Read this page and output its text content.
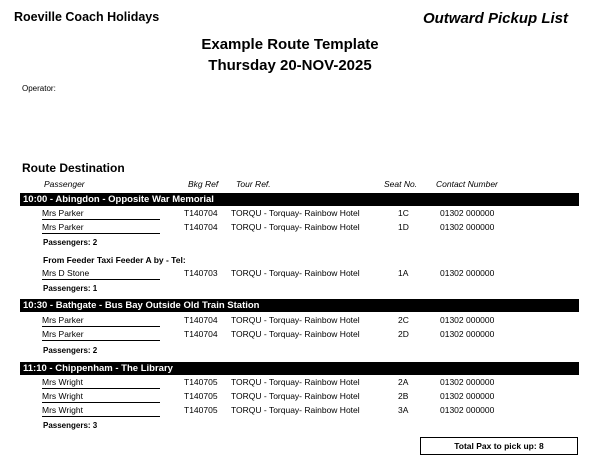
Roeville Coach Holidays	Outward Pickup List
Example Route Template
Thursday 20-NOV-2025
Operator:
Route Destination
Passenger	Bkg Ref Tour Ref.	Seat No. Contact Number
10:00 - Abingdon - Opposite War Memorial
Mrs Parker	T140704 TORQU - Torquay- Rainbow Hotel	1C	01302 000000
Mrs Parker	T140704 TORQU - Torquay- Rainbow Hotel	1D	01302 000000
Passengers: 2
From Feeder Taxi Feeder A by - Tel:
Mrs D Stone	T140703 TORQU - Torquay- Rainbow Hotel	1A	01302 000000
Passengers: 1
10:30 - Bathgate - Bus Bay Outside Old Train Station
Mrs Parker	T140704 TORQU - Torquay- Rainbow Hotel	2C	01302 000000
Mrs Parker	T140704 TORQU - Torquay- Rainbow Hotel	2D	01302 000000
Passengers: 2
11:10 - Chippenham - The Library
Mrs Wright	T140705 TORQU - Torquay- Rainbow Hotel	2A	01302 000000
Mrs Wright	T140705 TORQU - Torquay- Rainbow Hotel	2B	01302 000000
Mrs Wright	T140705 TORQU - Torquay- Rainbow Hotel	3A	01302 000000
Passengers: 3
Total Pax to pick up: 8
